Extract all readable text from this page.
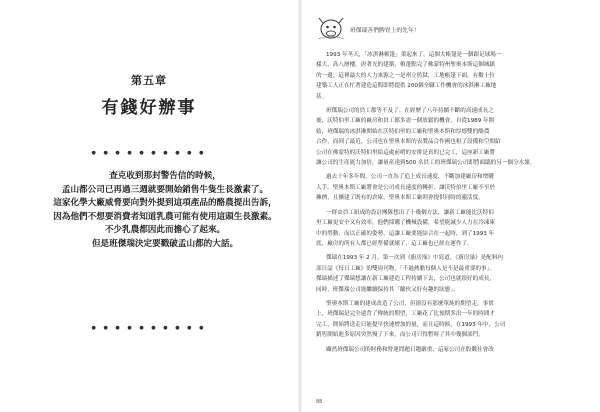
第五章
有錢好辦事
● ● ● ● ● ● ● ● ● ●
查克收到那封警告信的時候，
孟山都公司已再過三週就要開始銷售牛隻生長激素了。
這家化學大廠威脅要向對外提到這項產品的酪農提出告訴，
因為他們不想要消費者知道乳農可能有使用這頭生長激素。
不少乳農都因此而擔心了起來。
但是班傑瑞決定要戳破孟山都的大話。
● ● ● ● ● ● ● ● ● ●
班傑瑞善們脾胃上的先年！
1993 年冬天，「冰淇淋帳篷」架起來了，這個大帳篷是一個跟足球場一
樣大、高八層樓，唐著光的建築，頓蓬點完了佛蒙特州聖奧本斯這個城鎮
的一邊。這裡最大的人力來源之一是州立監獄，工地帳篷下面，有數十位
建築工人正在忙著建造這間即將提供 200個全職工作機會的冰淇淋工廠地
基。
班傑瑞公司的員工都等不及了。在經歷了八年持續不斷的高速成長之
後，沃特伯里工廠的廠房和員工都多需一個放鬆的機會，自從1989 年開
始，班傑瑞的冰淇淋開始在沃特伯里的工廠和聖奧本斯和厚德雙的酪農
合作，而到了最近，公司也在聖奧本斯的表製品合作國也租了設備和空間給
公司在佛蒙特的沃特伯里給這處前哨的安排是真的已完工，這座新工廠將
讓公司的生產能力加倍，讓量產達到500 名員工的班傑瑞公司即將面臨的另一個分水嶺。
過去十年多年間，公司一直為了追上成長速度，不斷加建廠房和增購
人手。聖奧本斯工廠將會是公司成長速度的轉折，讓沃特伯里工廠不至於
擁擠，且擴建了既有的倉庫，聖奧本斯工廠則會提供同時的靈活度。
一群由員工組成的設計團隊想出了十幾個方法，讓新工廠能比沃特伯
里工廠更安全又有效率，他們採購了機械設備，希望能減少人力在冷凍庫
中的勞動，而以正確的姿勢，這讓工廠要能結合在一起時，到了1993 年
底，廠房的所有人都已經準備就緒了，這工廠也已經在運作了。
傑瑞在1993 年 2 月，第一次到《廚房澡》中寫道，《廚房澡》是配料內
部日誌《每日工廠》的雙周刊物，「不過熱膽每個人是不是最重要的事」。
傑瑞描述了傑瑞想讓在新工廠建造工程持續下去，公司也就很好的成長，
同時，班傑瑞公司能繼續保持其「驗伙又好有趣的狀態」。
聖奧本斯工廠的建成改造了公司，但卻沒有那麼單純的期望走，事實
上，班傑瑞是完全遠背了傳統的期望，工廠花了比預期多出一年的時間才
完工，開始將送走只能提早快速增加的量，而且這時候，在1993 年中，公司
銷售開始進多原因突然慢了下來，而公司只得暫時了其中幾個部門。
雖然班傑瑞公司的財務和營運問題日趨嚴重，這家公司在股數社會改
88
